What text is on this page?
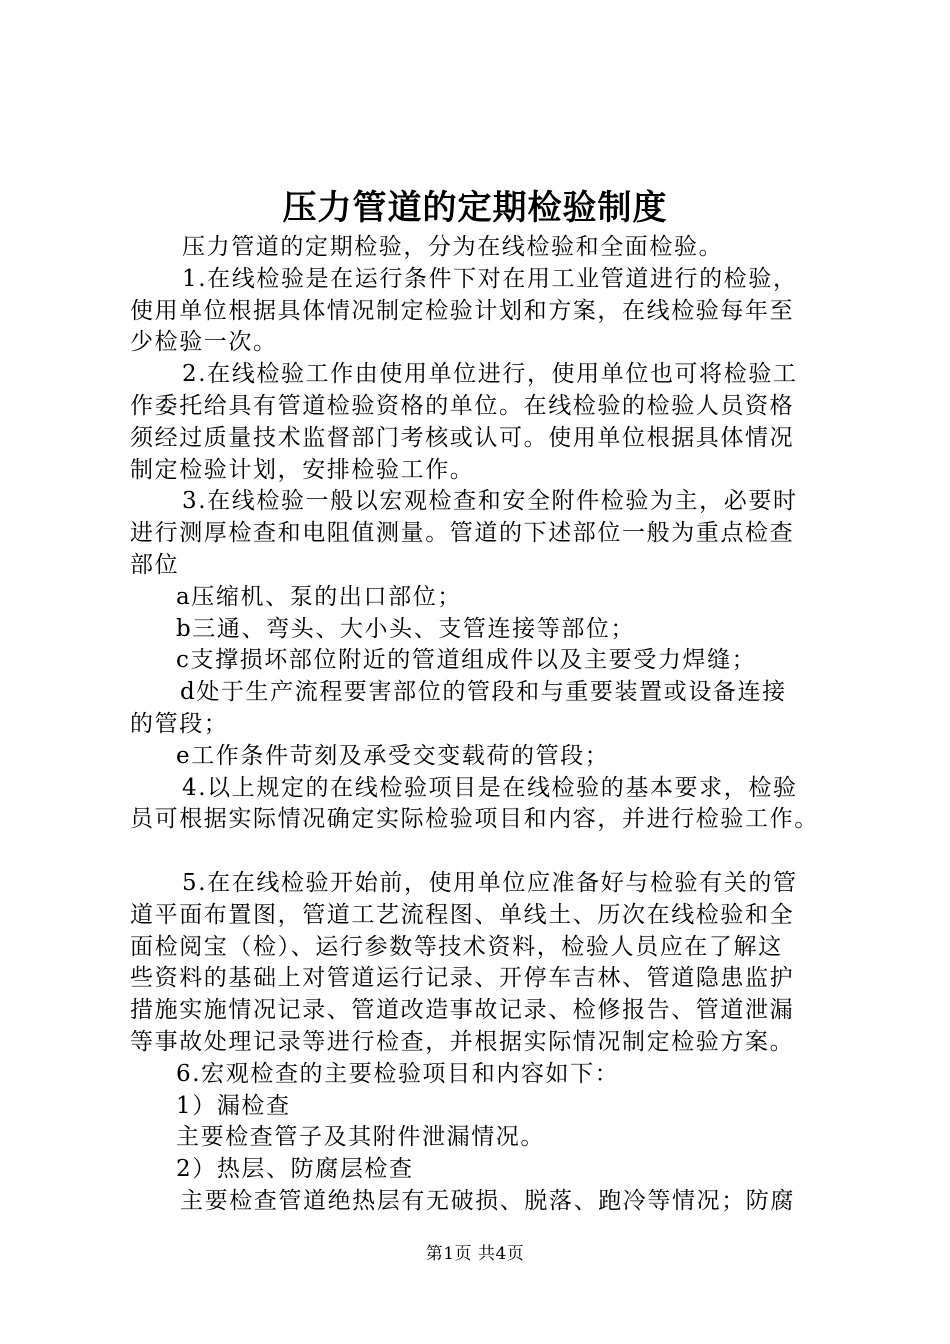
压力管道的定期检验制度

压力管道的定期检验，分为在线检验和全面检验。

1.在线检验是在运行条件下对在用工业管道进行的检验，
使用单位根据具体情况制定检验计划和方案，在线检验每年至
少检验一次。

2.在线检验工作由使用单位进行，使用单位也可将检验工
作委托给具有管道检验资格的单位。在线检验的检验人员资格
须经过质量技术监督部门考核或认可。使用单位根据具体情况
制定检验计划，安排检验工作。

3.在线检验一般以宏观检查和安全附件检验为主，必要时
进行测厚检查和电阻值测量。管道的下述部位一般为重点检查
部位

a压缩机、泵的出口部位；

b三通、弯头、大小头、支管连接等部位；

c支撑损坏部位附近的管道组成件以及主要受力焊缝；

d处于生产流程要害部位的管段和与重要装置或设备连接
的管段；

e工作条件苛刻及承受交变载荷的管段；

4.以上规定的在线检验项目是在线检验的基本要求，检验
员可根据实际情况确定实际检验项目和内容，并进行检验工作。

5.在在线检验开始前，使用单位应准备好与检验有关的管
道平面布置图，管道工艺流程图、单线土、历次在线检验和全
面检阅宝（检）、运行参数等技术资料，检验人员应在了解这
些资料的基础上对管道运行记录、开停车吉林、管道隐患监护
措施实施情况记录、管道改造事故记录、检修报告、管道泄漏
等事故处理记录等进行检查，并根据实际情况制定检验方案。

6.宏观检查的主要检验项目和内容如下：

1）漏检查

主要检查管子及其附件泄漏情况。

2）热层、防腐层检查

主要检查管道绝热层有无破损、脱落、跑冷等情况；防腐

第1页 共4页
